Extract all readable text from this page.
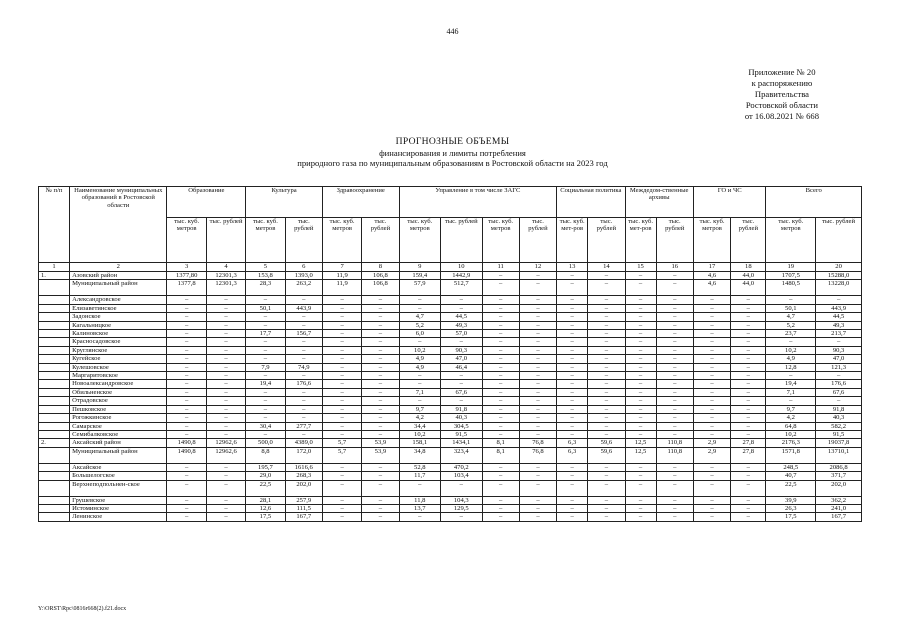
446
Приложение № 20
к распоряжению
Правительства
Ростовской области
от 16.08.2021 № 668
ПРОГНОЗНЫЕ ОБЪЕМЫ
финансирования и лимиты потребления
природного газа по муниципальным образованиям в Ростовской области на 2023 год
№ п/п	Наименование муниципальных образований в Ростовской области	Образование		Культура		Здравоохранение		Управление в том числе ЗАГС				Социальная политика		Междедом-ственные архивы		ГО и ЧС		Всего	
		тыс. куб. метров	тыс. рублей	тыс. куб. метров	тыс. рублей	тыс. куб. метров	тыс. рублей	тыс. куб. метров	тыс. рублей	тыс. куб. метров	тыс. рублей	тыс. куб. мет-ров	тыс. рублей	тыс. куб. мет-ров	тыс. рублей	тыс. куб. метров	тыс. рублей	тыс. куб. метров	тыс. рублей
1	2	3	4	5	6	7	8	9	10	11	12	13	14	15	16	17	18	19	20
1.	Азовский район	1377,80	12301,3	153,8	1393,0	11,9	106,8	159,4	1442,9	–	–	–	–	–	–	4,6	44,0	1707,5	15288,0
	Муниципальный район	1377,8	12301,3	28,3	263,2	11,9	106,8	57,9	512,7	–	–	–	–	–	–	4,6	44,0	1480,5	13228,0
	Александровское	–	–	–	–	–	–	–	–	–	–	–	–	–	–	–	–	–	–
	Елизаветинское	–	–	50,1	443,9	–	–	–	–	–	–	–	–	–	–	–	–	50,1	443,9
	Задонское	–	–	–	–	–	–	4,7	44,5	–	–	–	–	–	–	–	–	4,7	44,5
	Кагальницкое	–	–	–	–	–	–	5,2	49,3	–	–	–	–	–	–	–	–	5,2	49,3
	Калиновское	–	–	17,7	156,7	–	–	6,0	57,0	–	–	–	–	–	–	–	–	23,7	213,7
	Красносадовское	–	–	–	–	–	–	–	–	–	–	–	–	–	–	–	–	–	–
	Круглянское	–	–	–	–	–	–	10,2	90,3	–	–	–	–	–	–	–	–	10,2	90,3
	Кугейское	–	–	–	–	–	–	4,9	47,0	–	–	–	–	–	–	–	–	4,9	47,0
	Кулешовское	–	–	7,9	74,9	–	–	4,9	46,4	–	–	–	–	–	–	–	–	12,8	121,3
	Маргаритовское	–	–	–	–	–	–	–	–	–	–	–	–	–	–	–	–	–	–
	Новоалександровское	–	–	19,4	176,6	–	–	–	–	–	–	–	–	–	–	–	–	19,4	176,6
	Обильненское	–	–	–	–	–	–	7,1	67,6	–	–	–	–	–	–	–	–	7,1	67,6
	Отрадовское	–	–	–	–	–	–	–	–	–	–	–	–	–	–	–	–	–	–
	Пешковское	–	–	–	–	–	–	9,7	91,8	–	–	–	–	–	–	–	–	9,7	91,8
	Рогожкинское	–	–	–	–	–	–	4,2	40,3	–	–	–	–	–	–	–	–	4,2	40,3
	Самарское	–	–	30,4	277,7	–	–	34,4	304,5	–	–	–	–	–	–	–	–	64,8	582,2
	Семибалковское	–	–	–	–	–	–	10,2	91,5	–	–	–	–	–	–	–	–	10,2	91,5
2.	Аксайский район	1490,8	12962,6	500,0	4389,0	5,7	53,9	158,1	1434,1	8,1	76,8	6,3	59,6	12,5	110,8	2,9	27,8	2176,3	19037,8
	Муниципальный район	1490,8	12962,6	8,8	172,0	5,7	53,9	34,8	323,4	8,1	76,8	6,3	59,6	12,5	110,8	2,9	27,8	1571,8	13710,1
	Аксайское	–	–	195,7	1616,6	–	–	52,8	470,2	–	–	–	–	–	–	–	–	248,5	2086,8
	Большелогское	–	–	29,0	268,3	–	–	11,7	103,4	–	–	–	–	–	–	–	–	40,7	371,7
	Верхнеподпольнен-ское	–	–	22,5	202,0	–	–	–	–	–	–	–	–	–	–	–	–	22,5	202,0
	Грушевское	–	–	28,1	257,9	–	–	11,8	104,3	–	–	–	–	–	–	–	–	39,9	362,2
	Истоминское	–	–	12,6	111,5	–	–	13,7	129,5	–	–	–	–	–	–	–	–	26,3	241,0
	Ленинское	–	–	17,5	167,7	–	–	–	–	–	–	–	–	–	–	–	–	17,5	167,7
Y:\ORST\Rpc\0816r668(2).f21.docx
